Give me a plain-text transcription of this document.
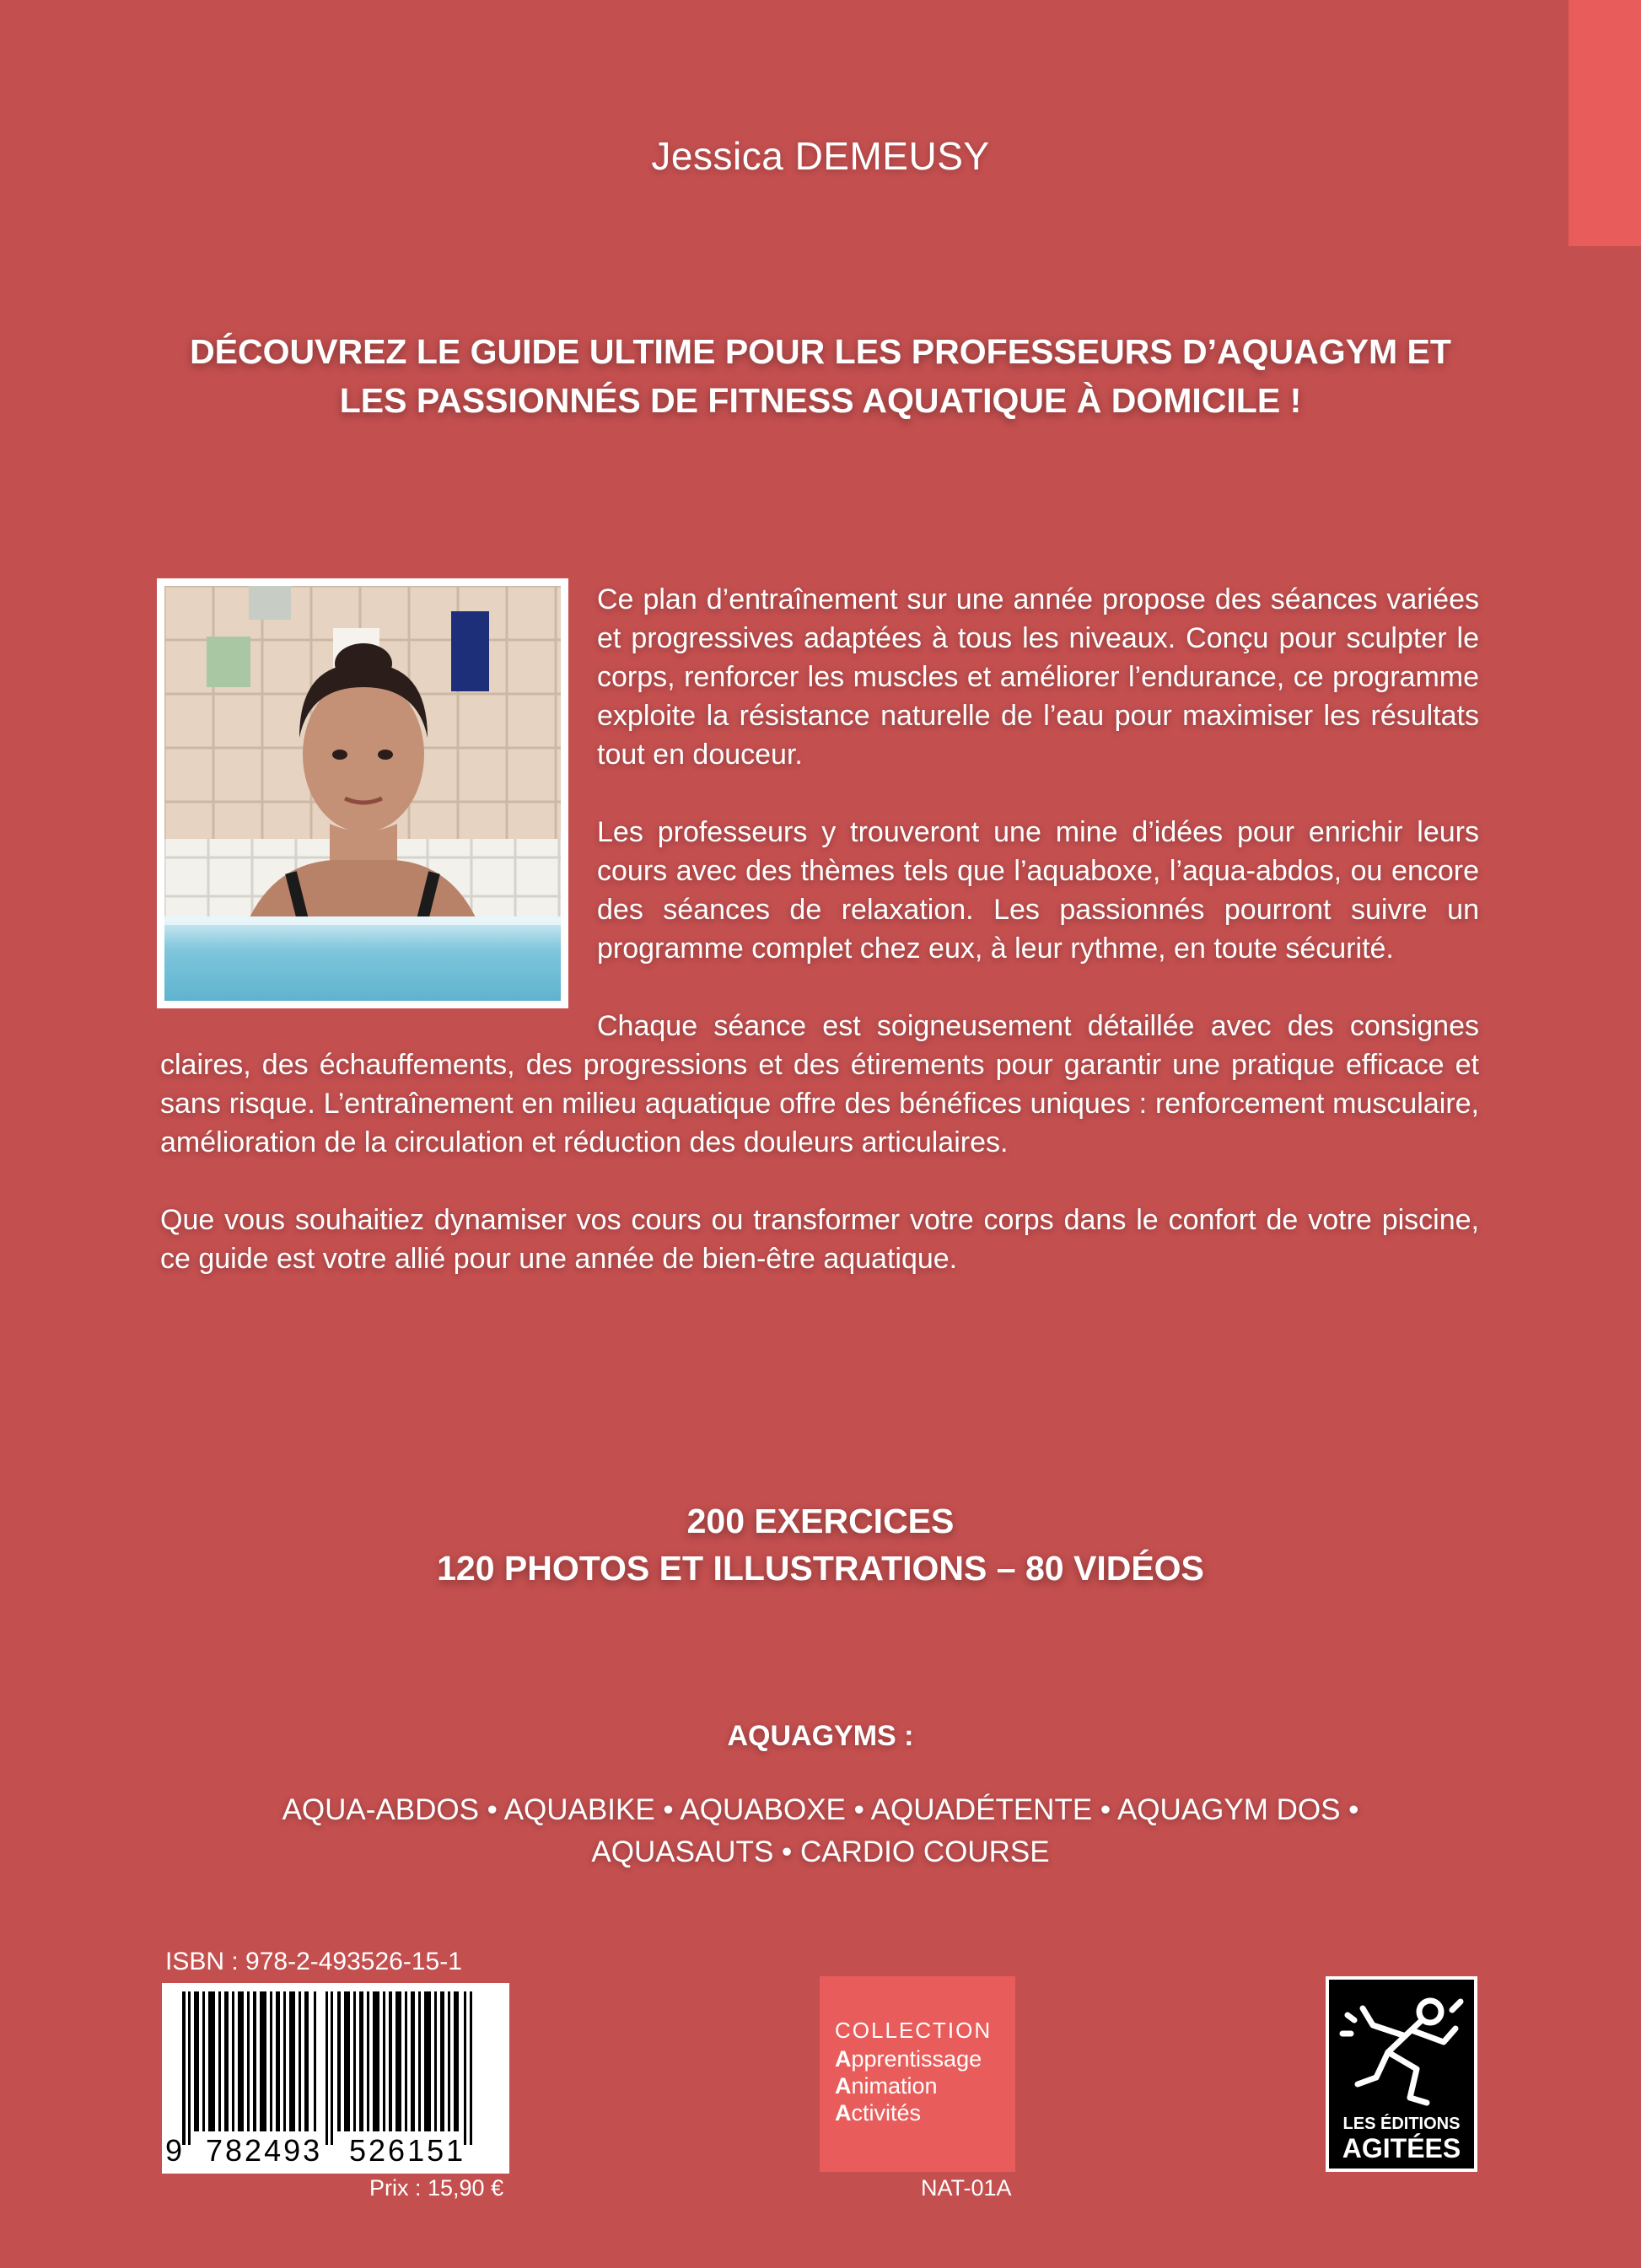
Jessica DEMEUSY
DÉCOUVREZ LE GUIDE ULTIME POUR LES PROFESSEURS D’AQUAGYM ET
LES PASSIONNÉS DE FITNESS AQUATIQUE À DOMICILE !

Ce plan d’entraînement sur une année propose des séances variées et progressives adaptées à tous les niveaux. Conçu pour sculpter le corps, renforcer les muscles et améliorer l’endurance, ce programme exploite la résistance naturelle de l’eau pour maximiser les résultats tout en douceur.

Les professeurs y trouveront une mine d’idées pour enrichir leurs cours avec des thèmes tels que l’aquaboxe, l’aqua-abdos, ou encore des séances de relaxation. Les passionnés pourront suivre un programme complet chez eux, à leur rythme, en toute sécurité.

Chaque séance est soigneusement détaillée avec des consignes claires, des échauffements, des progressions et des étirements pour garantir une pratique efficace et sans risque. L’entraînement en milieu aquatique offre des bénéfices uniques : renforcement musculaire, amélioration de la circulation et réduction des douleurs articulaires.

Que vous souhaitiez dynamiser vos cours ou transformer votre corps dans le confort de votre piscine, ce guide est votre allié pour une année de bien-être aquatique.

200 EXERCICES
120 PHOTOS ET ILLUSTRATIONS – 80 VIDÉOS
AQUAGYMS :
AQUA-ABDOS • AQUABIKE • AQUABOXE • AQUADÉTENTE • AQUAGYM DOS •
AQUASAUTS • CARDIO COURSE
ISBN : 978-2-493526-15-1
9 782493 526151
Prix : 15,90 €
COLLECTION
Apprentissage
Animation
Activités
NAT-01A
LES ÉDITIONS
AGITÉES
